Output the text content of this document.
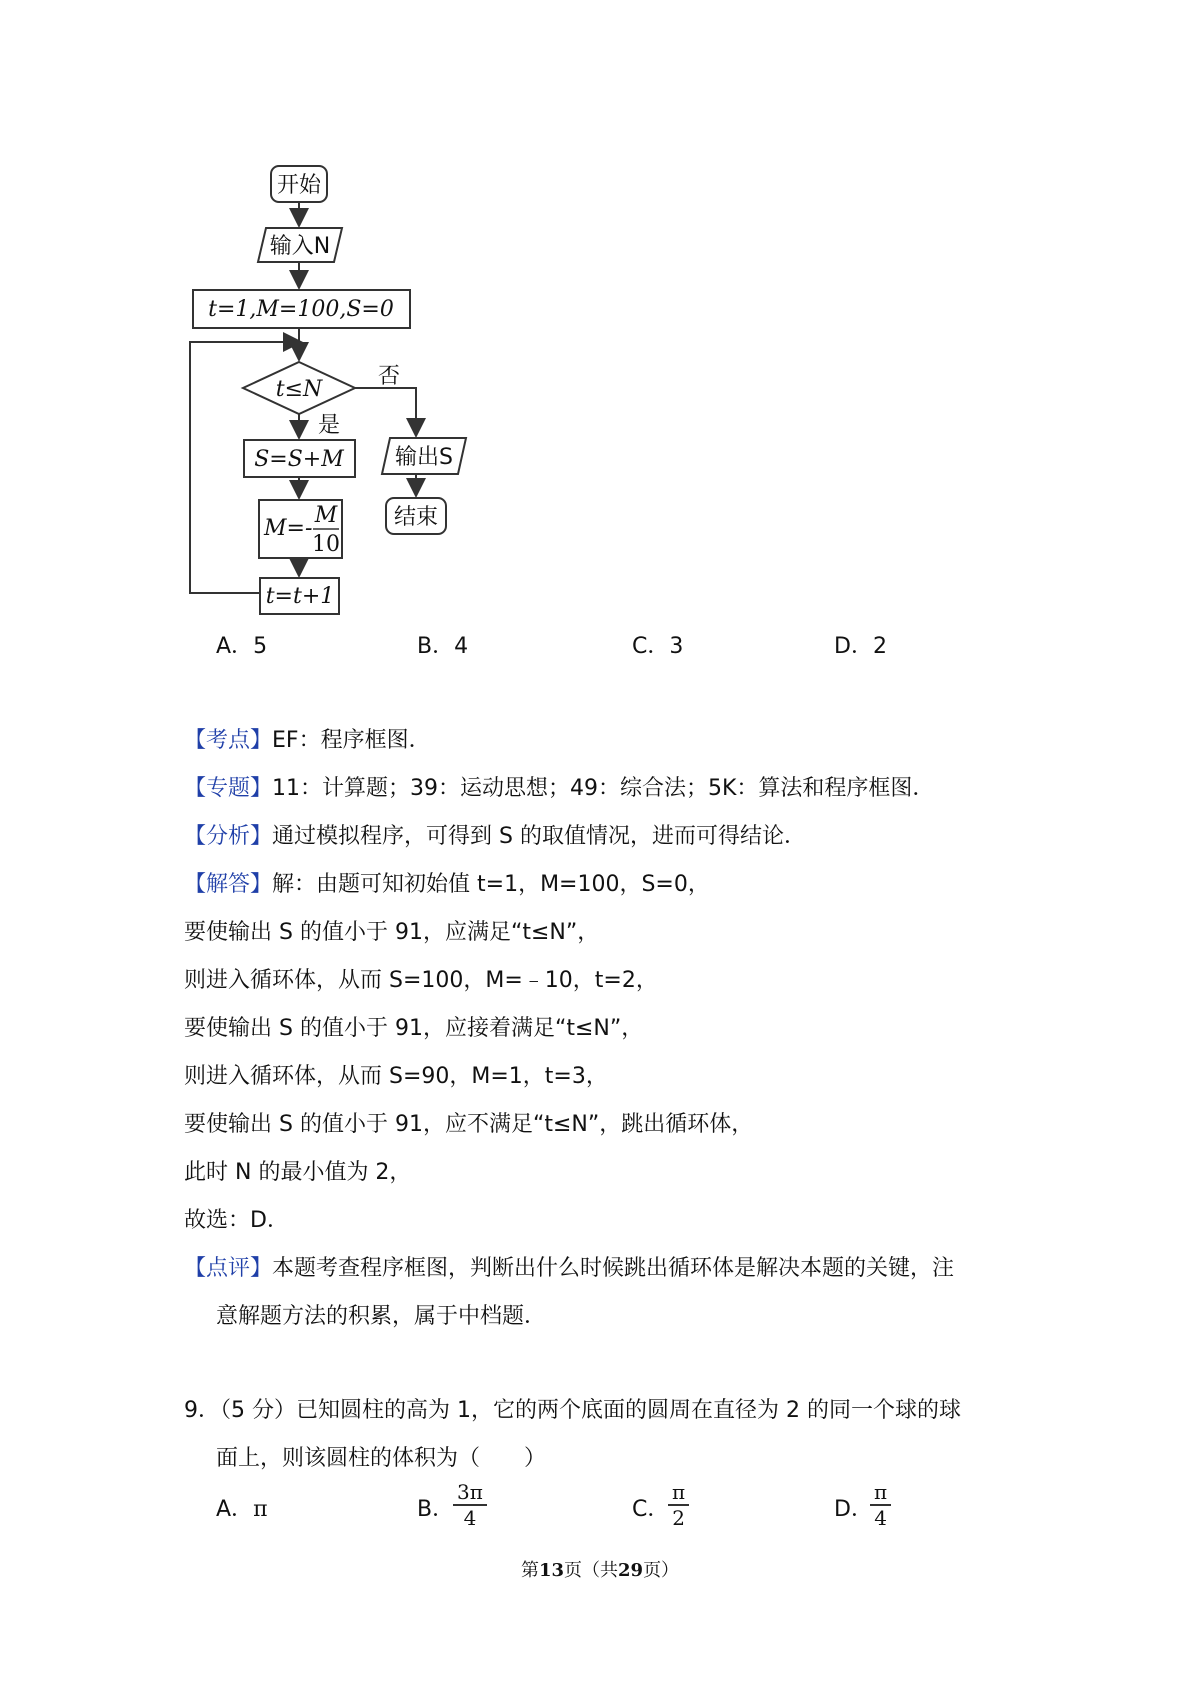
开始
输入N
t=1,M=100,S=0
t≤N
否
是
S=S+M
M=-
M
10
t=t+1
输出S
结束
A．5	B．4	C．3	D．2
【考点】EF：程序框图．
【专题】11：计算题；39：运动思想；49：综合法；5K：算法和程序框图．
【分析】通过模拟程序，可得到 S 的取值情况，进而可得结论．
【解答】解：由题可知初始值 t=1，M=100，S=0，
要使输出 S 的值小于 91，应满足“t≤N”，
则进入循环体，从而 S=100，M=﹣10，t=2，
要使输出 S 的值小于 91，应接着满足“t≤N”，
则进入循环体，从而 S=90，M=1，t=3，
要使输出 S 的值小于 91，应不满足“t≤N”，跳出循环体，
此时 N 的最小值为 2，
故选：D．
【点评】本题考查程序框图，判断出什么时候跳出循环体是解决本题的关键，注
意解题方法的积累，属于中档题．
9．（5 分）已知圆柱的高为 1，它的两个底面的圆周在直径为 2 的同一个球的球
面上，则该圆柱的体积为（　　）
A．π	B．
$\frac{3\pi}{4}$	C．
$\frac{\pi}{2}$	D．
$\frac{\pi}{4}$
第13页（共29页）
